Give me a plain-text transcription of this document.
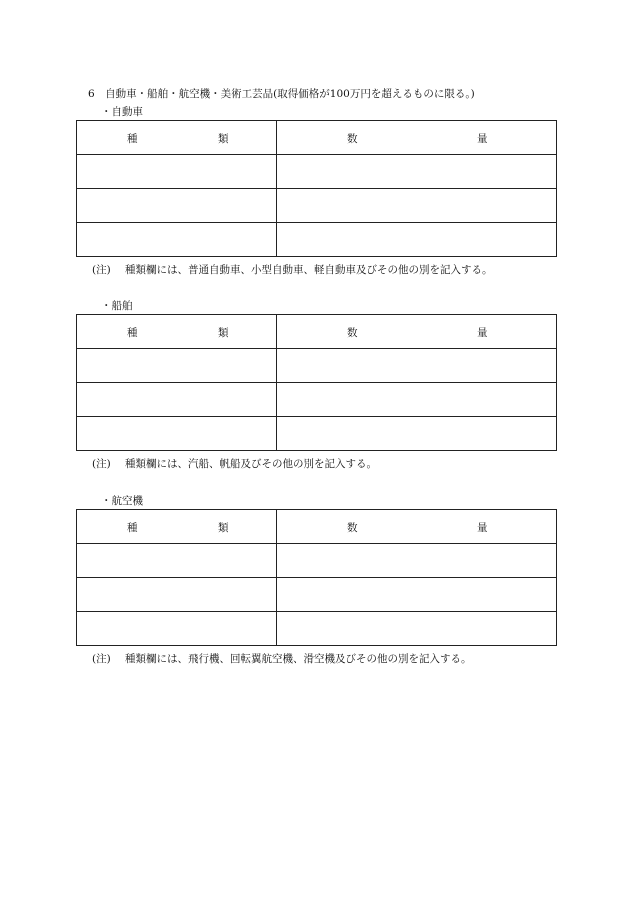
6　自動車・船舶・航空機・美術工芸品(取得価格が100万円を超えるものに限る。)
・自動車
種 類	数 量

(注) 種類欄には、普通自動車、小型自動車、軽自動車及びその他の別を記入する。
・船舶
種 類	数 量

(注) 種類欄には、汽船、帆船及びその他の別を記入する。
・航空機
種 類	数 量

(注) 種類欄には、飛行機、回転翼航空機、滑空機及びその他の別を記入する。
